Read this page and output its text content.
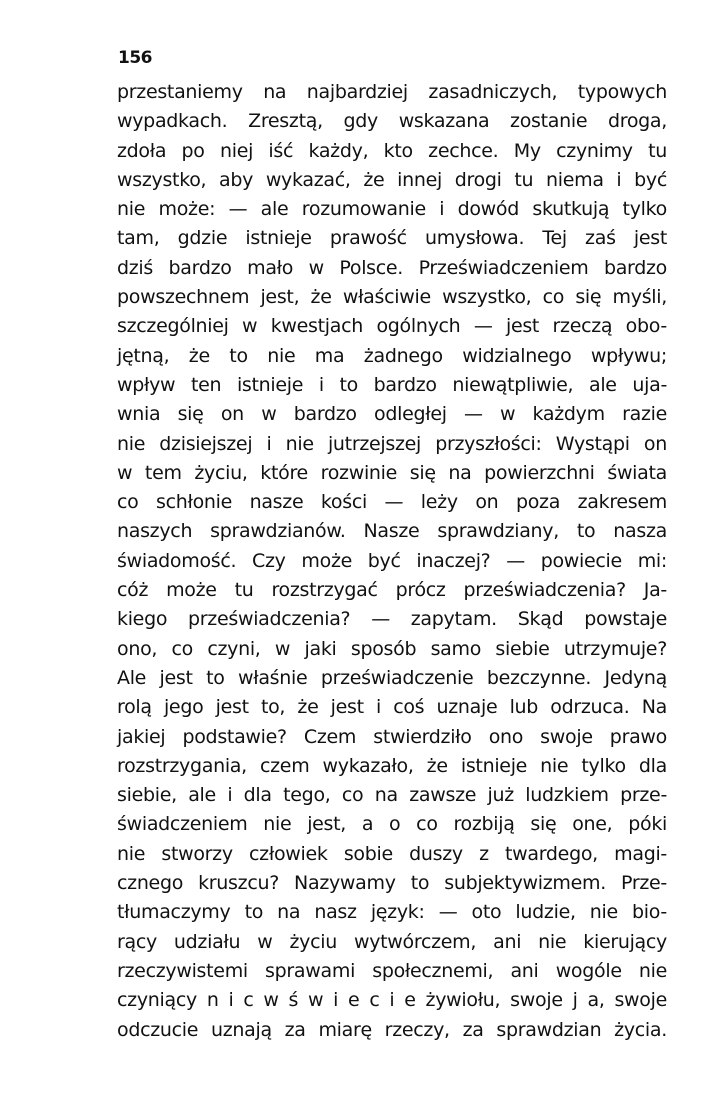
156
przestaniemy na najbardziej zasadniczych, typowych
wypadkach. Zresztą, gdy wskazana zostanie droga,
zdoła po niej iść każdy, kto zechce. My czynimy tu
wszystko, aby wykazać, że innej drogi tu niema i być
nie może: — ale rozumowanie i dowód skutkują tylko
tam, gdzie istnieje prawość umysłowa. Tej zaś jest
dziś bardzo mało w Polsce. Przeświadczeniem bardzo
powszechnem jest, że właściwie wszystko, co się myśli,
szczególniej w kwestjach ogólnych — jest rzeczą obo-
jętną, że to nie ma żadnego widzialnego wpływu;
wpływ ten istnieje i to bardzo niewątpliwie, ale uja-
wnia się on w bardzo odległej — w każdym razie
nie dzisiejszej i nie jutrzejszej przyszłości: Wystąpi on
w tem życiu, które rozwinie się na powierzchni świata
co schłonie nasze kości — leży on poza zakresem
naszych sprawdzianów. Nasze sprawdziany, to nasza
świadomość. Czy może być inaczej? — powiecie mi:
cóż może tu rozstrzygać prócz przeświadczenia? Ja-
kiego przeświadczenia? — zapytam. Skąd powstaje
ono, co czyni, w jaki sposób samo siebie utrzymuje?
Ale jest to właśnie przeświadczenie bezczynne. Jedyną
rolą jego jest to, że jest i coś uznaje lub odrzuca. Na
jakiej podstawie? Czem stwierdziło ono swoje prawo
rozstrzygania, czem wykazało, że istnieje nie tylko dla
siebie, ale i dla tego, co na zawsze już ludzkiem prze-
świadczeniem nie jest, a o co rozbiją się one, póki
nie stworzy człowiek sobie duszy z twardego, magi-
cznego kruszcu? Nazywamy to subjektywizmem. Prze-
tłumaczymy to na nasz język: — oto ludzie, nie bio-
rący udziału w życiu wytwórczem, ani nie kierujący
rzeczywistemi sprawami społecznemi, ani wogóle nie
czyniący n i c w ś w i e c i e żywiołu, swoje j a, swoje
odczucie uznają za miarę rzeczy, za sprawdzian życia.
